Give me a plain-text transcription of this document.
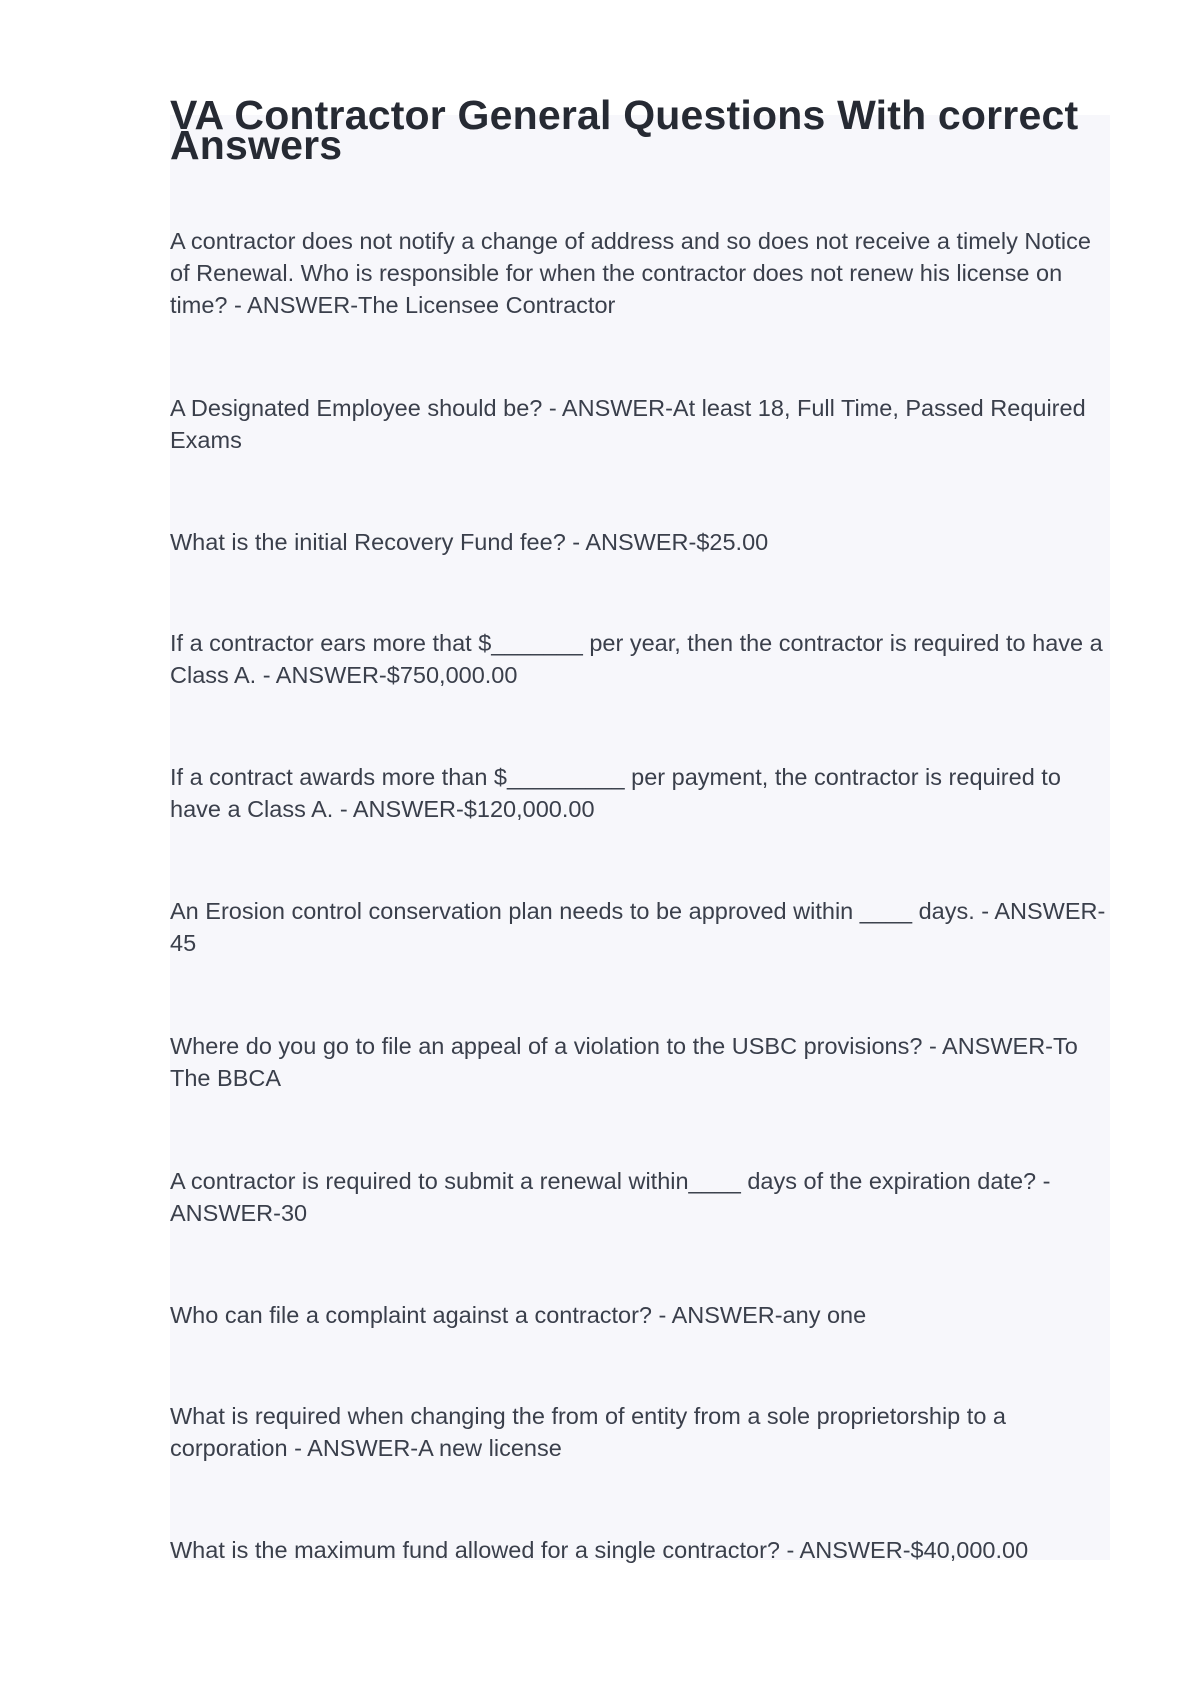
VA Contractor General Questions With correct Answers

A contractor does not notify a change of address and so does not receive a timely Notice of Renewal. Who is responsible for when the contractor does not renew his license on time? - ANSWER-The Licensee Contractor

A Designated Employee should be? - ANSWER-At least 18, Full Time, Passed Required Exams

What is the initial Recovery Fund fee? - ANSWER-$25.00

If a contractor ears more that $_______ per year, then the contractor is required to have a Class A. - ANSWER-$750,000.00

If a contract awards more than $_________ per payment, the contractor is required to have a Class A. - ANSWER-$120,000.00

An Erosion control conservation plan needs to be approved within ____ days. - ANSWER-45

Where do you go to file an appeal of a violation to the USBC provisions? - ANSWER-To The BBCA

A contractor is required to submit a renewal within____ days of the expiration date? - ANSWER-30

Who can file a complaint against a contractor? - ANSWER-any one

What is required when changing the from of entity from a sole proprietorship to a corporation - ANSWER-A new license

What is the maximum fund allowed for a single contractor? - ANSWER-$40,000.00
